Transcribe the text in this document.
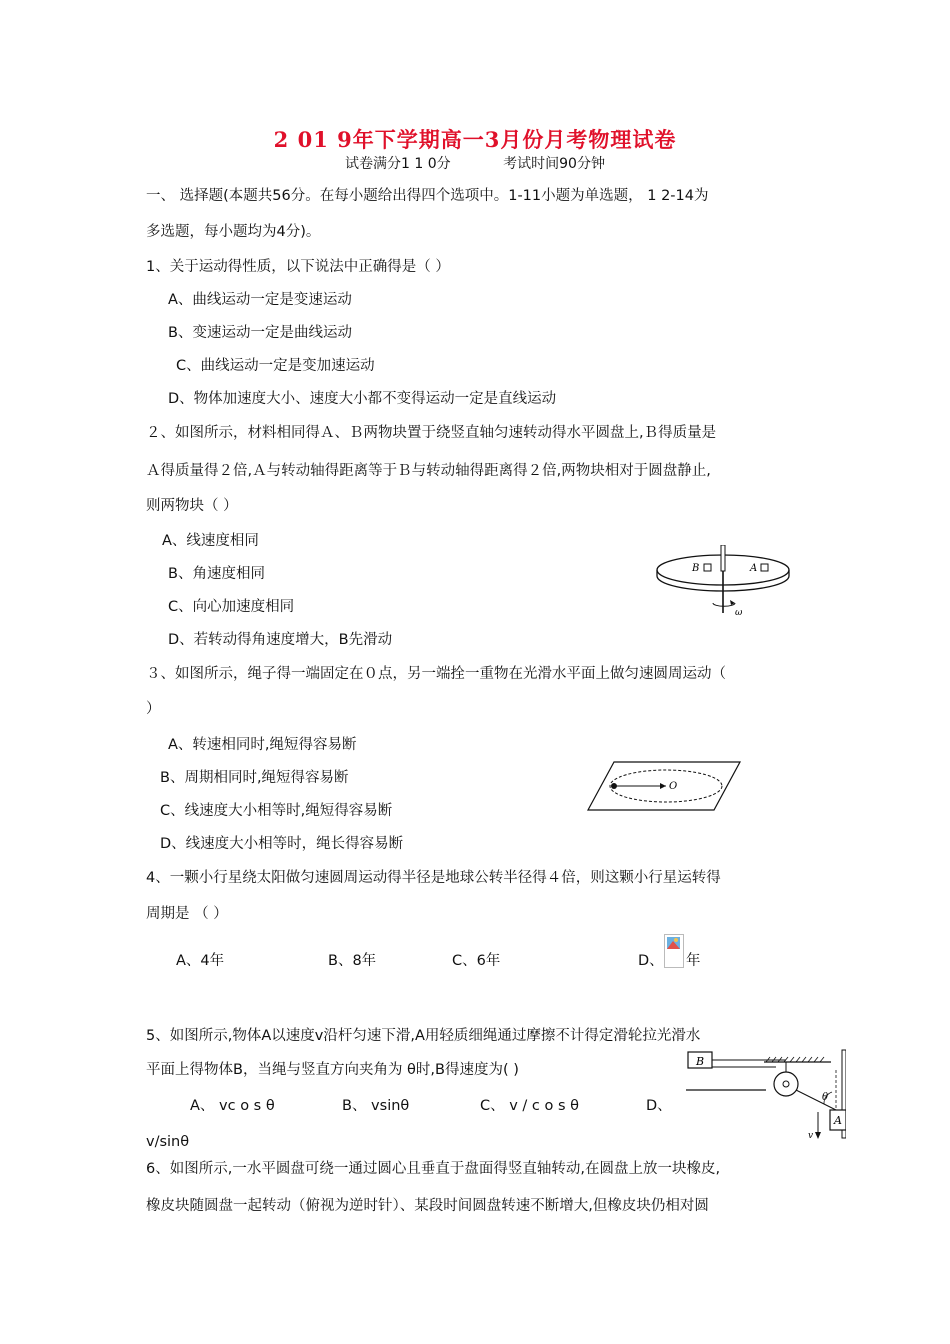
2 01 9年下学期高一3月份月考物理试卷
试卷满分1 1 0分	考试时间90分钟
一、 选择题(本题共56分。在每小题给出得四个选项中。1-11小题为单选题， 1 2-14为
多选题，每小题均为4分)。
1、关于运动得性质，以下说法中正确得是（ ）
A、曲线运动一定是变速运动
B、变速运动一定是曲线运动
C、曲线运动一定是变加速运动
D、物体加速度大小、速度大小都不变得运动一定是直线运动
２、如图所示，材料相同得Ａ、Ｂ两物块置于绕竖直轴匀速转动得水平圆盘上,Ｂ得质量是
Ａ得质量得２倍,Ａ与转动轴得距离等于Ｂ与转动轴得距离得２倍,两物块相对于圆盘静止,
则两物块（ ）
A、线速度相同
B、角速度相同
C、向心加速度相同
D、若转动得角速度增大，B先滑动
B	A
ω
３、如图所示，绳子得一端固定在０点，另一端拴一重物在光滑水平面上做匀速圆周运动（
）
A、转速相同时,绳短得容易断
B、周期相同时,绳短得容易断
C、线速度大小相等时,绳短得容易断
D、线速度大小相等时，绳长得容易断
O
4、一颗小行星绕太阳做匀速圆周运动得半径是地球公转半径得４倍，则这颗小行星运转得
周期是 （ ）
A、4年	B、8年	C、6年	D、 年
5、如图所示,物体A以速度v沿杆匀速下滑,A用轻质细绳通过摩擦不计得定滑轮拉光滑水
平面上得物体B，当绳与竖直方向夹角为 θ时,B得速度为( )
A、 vc o s θ	B、 vsinθ	C、 v / c o s θ	D、
v/sinθ
B
θ
A
v
6、如图所示,一水平圆盘可绕一通过圆心且垂直于盘面得竖直轴转动,在圆盘上放一块橡皮,
橡皮块随圆盘一起转动（俯视为逆时针）、某段时间圆盘转速不断增大,但橡皮块仍相对圆
